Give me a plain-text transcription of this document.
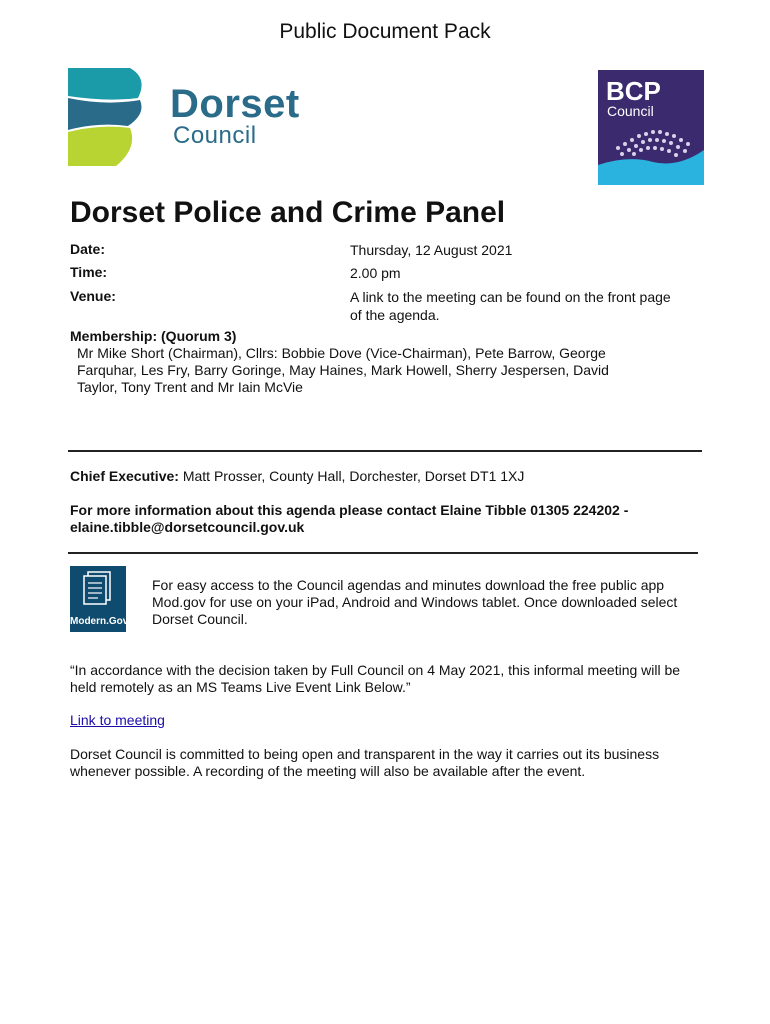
Public Document Pack
Dorset
Council
BCP
Council
Dorset Police and Crime Panel
Date:	Thursday, 12 August 2021
Time:	2.00 pm
Venue:	A link to the meeting can be found on the front page of the agenda.
Membership: (Quorum 3)
Mr Mike Short (Chairman), Cllrs: Bobbie Dove (Vice-Chairman), Pete Barrow, George Farquhar, Les Fry, Barry Goringe, May Haines, Mark Howell, Sherry Jespersen, David Taylor, Tony Trent and Mr Iain McVie
Chief Executive: Matt Prosser, County Hall, Dorchester, Dorset DT1 1XJ
For more information about this agenda please contact Elaine Tibble 01305 224202 - elaine.tibble@dorsetcouncil.gov.uk
Modern.Gov
For easy access to the Council agendas and minutes download the free public app Mod.gov for use on your iPad, Android and Windows tablet. Once downloaded select Dorset Council.
“In accordance with the decision taken by Full Council on 4 May 2021, this informal meeting will be held remotely as an MS Teams Live Event Link Below.”
Link to meeting
Dorset Council is committed to being open and transparent in the way it carries out its business whenever possible. A recording of the meeting will also be available after the event.
